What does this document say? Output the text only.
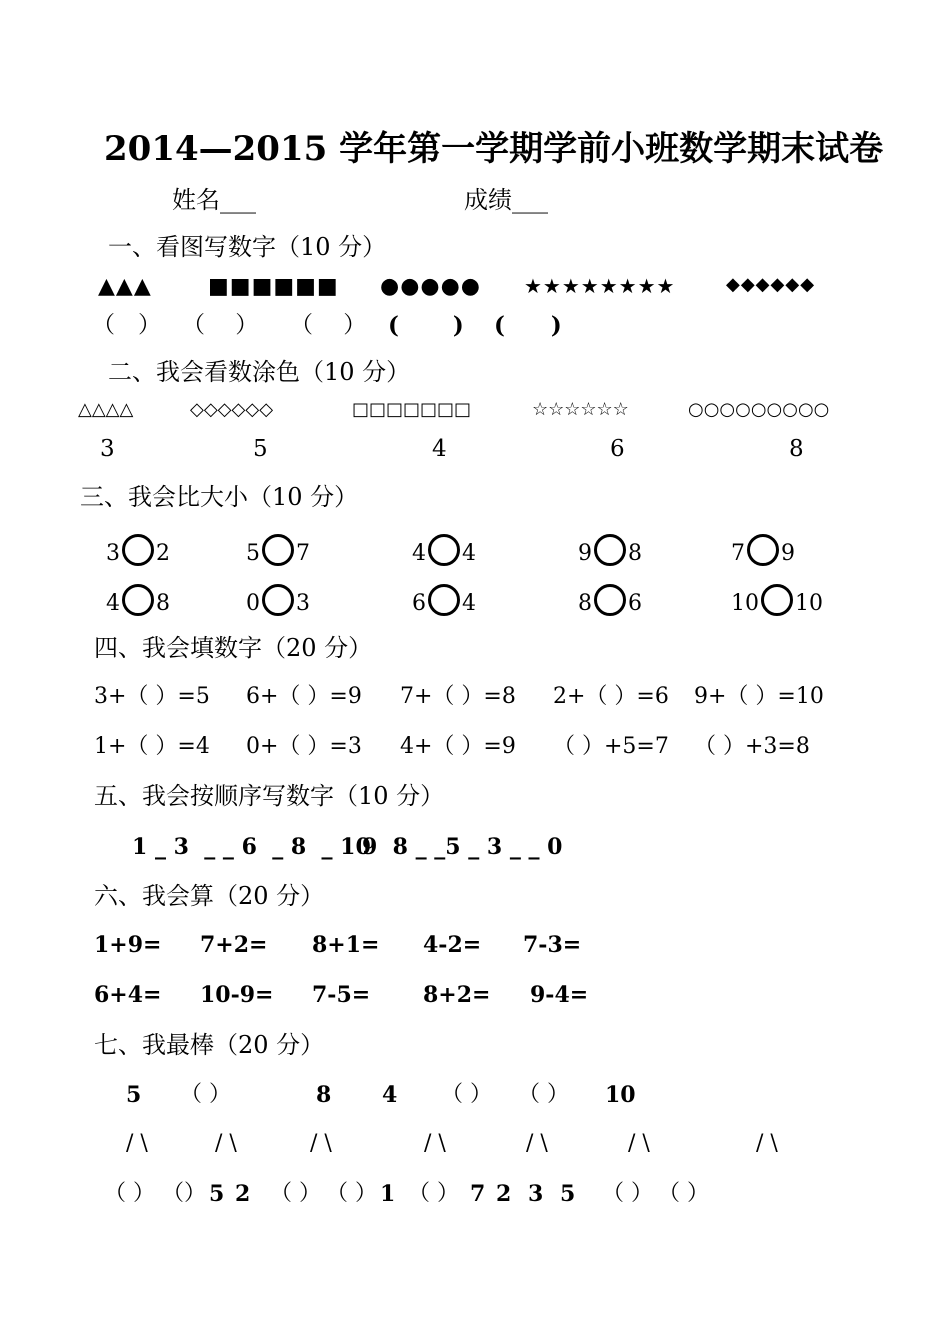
2014—2015 学年第一学期学前小班数学期末试卷
姓名___	成绩___
一、看图写数字（10 分）
▲▲▲	■■■■■■ ●●●●● ★★★★★★★★	◆◆◆◆◆◆
（　） （　 ） （　 ） (　　 ) (　　)
二、我会看数涂色（10 分）
△△△△	◇◇◇◇◇◇	□□□□□□□	☆☆☆☆☆☆	○○○○○○○○○
3	5	4	6	8
三、我会比大小（10 分）
3 2	5 7	4 4	9 8	7 9
4 8	0 3	6 4	8 6	10 10
四、我会填数字（20 分）
3+（ ）=5 6+（ ）=9 7+（ ）=8 2+（ ）=6 9+（ ）=10
1+（ ）=4 0+（ ）=3 4+（ ）=9 （ ）+5=7 （ ）+3=8
五、我会按顺序写数字（10 分）
1 _ 3  _ _ 6  _ 8  _ 10
9  8 _ _5 _ 3 _ _ 0
六、我会算（20 分）
1+9= 7+2= 8+1= 4-2= 7-3=
6+4= 10-9= 7-5= 8+2= 9-4=
七、我最棒（20 分）
5 （ ）	8 4 （ ） （ ） 10
/ \	/ \	/ \	/ \	/ \	/ \	/ \
（ ） （） 5 2 （ ） （ ） 1 （ ） 7 2 3 5 （ ） （ ）
